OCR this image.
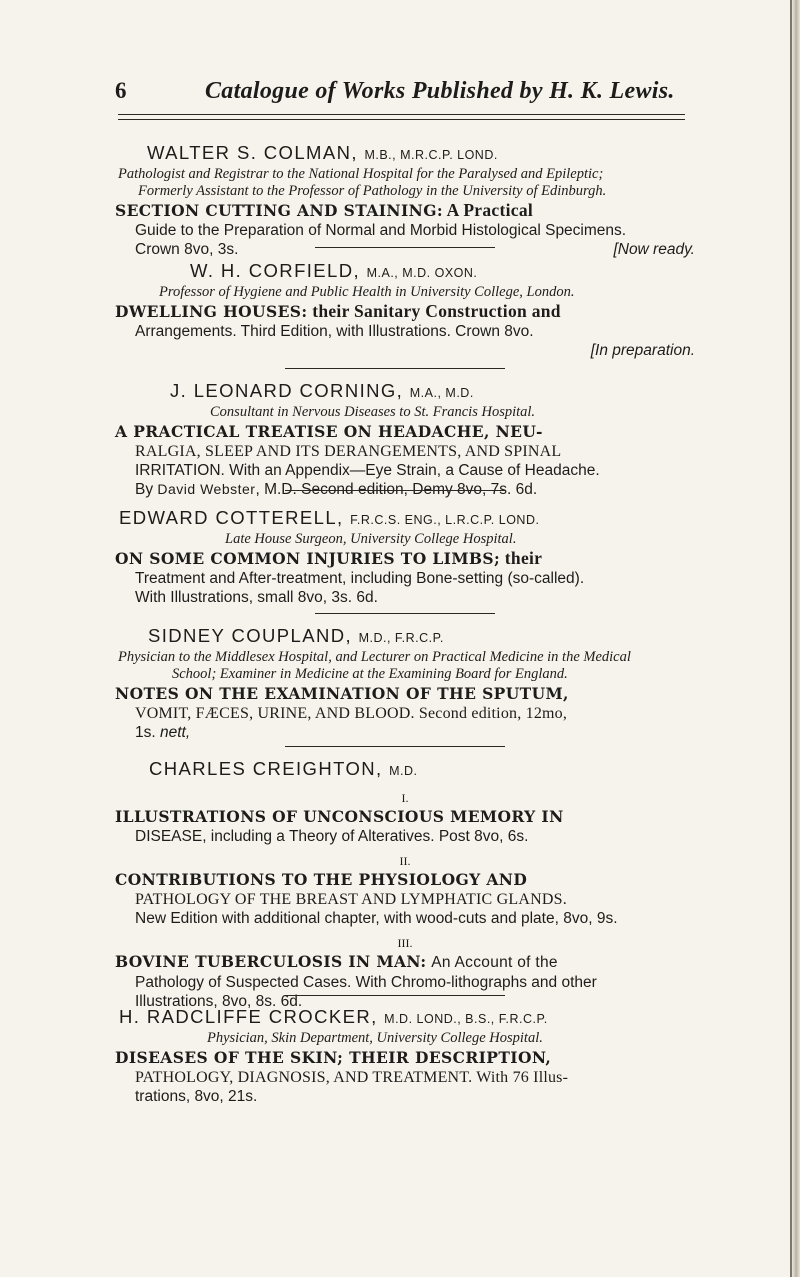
6	Catalogue of Works Published by H. K. Lewis.
WALTER S. COLMAN, M.B., M.R.C.P. LOND.
Pathologist and Registrar to the National Hospital for the Paralysed and Epileptic;
Formerly Assistant to the Professor of Pathology in the University of Edinburgh.
SECTION CUTTING AND STAINING: A Practical
Guide to the Preparation of Normal and Morbid Histological Specimens.
Crown 8vo, 3s.	[Now ready.
W. H. CORFIELD, M.A., M.D. OXON.
Professor of Hygiene and Public Health in University College, London.
DWELLING HOUSES: their Sanitary Construction and
Arrangements. Third Edition, with Illustrations. Crown 8vo.
[In preparation.
J. LEONARD CORNING, M.A., M.D.
Consultant in Nervous Diseases to St. Francis Hospital.
A PRACTICAL TREATISE ON HEADACHE, NEU-
RALGIA, SLEEP AND ITS DERANGEMENTS, AND SPINAL
IRRITATION. With an Appendix—Eye Strain, a Cause of Headache.
By David Webster, M.D. Second edition, Demy 8vo, 7s. 6d.
EDWARD COTTERELL, F.R.C.S. ENG., L.R.C.P. LOND.
Late House Surgeon, University College Hospital.
ON SOME COMMON INJURIES TO LIMBS; their
Treatment and After-treatment, including Bone-setting (so-called).
With Illustrations, small 8vo, 3s. 6d.
SIDNEY COUPLAND, M.D., F.R.C.P.
Physician to the Middlesex Hospital, and Lecturer on Practical Medicine in the Medical
School; Examiner in Medicine at the Examining Board for England.
NOTES ON THE EXAMINATION OF THE SPUTUM,
VOMIT, FÆCES, URINE, AND BLOOD. Second edition, 12mo,
1s. nett,
CHARLES CREIGHTON, M.D.
I.
ILLUSTRATIONS OF UNCONSCIOUS MEMORY IN
DISEASE, including a Theory of Alteratives. Post 8vo, 6s.
II.
CONTRIBUTIONS TO THE PHYSIOLOGY AND
PATHOLOGY OF THE BREAST AND LYMPHATIC GLANDS.
New Edition with additional chapter, with wood-cuts and plate, 8vo, 9s.
III.
BOVINE TUBERCULOSIS IN MAN: An Account of the
Pathology of Suspected Cases. With Chromo-lithographs and other
Illustrations, 8vo, 8s. 6d.
H. RADCLIFFE CROCKER, M.D. LOND., B.S., F.R.C.P.
Physician, Skin Department, University College Hospital.
DISEASES OF THE SKIN; THEIR DESCRIPTION,
PATHOLOGY, DIAGNOSIS, AND TREATMENT. With 76 Illus-
trations, 8vo, 21s.
